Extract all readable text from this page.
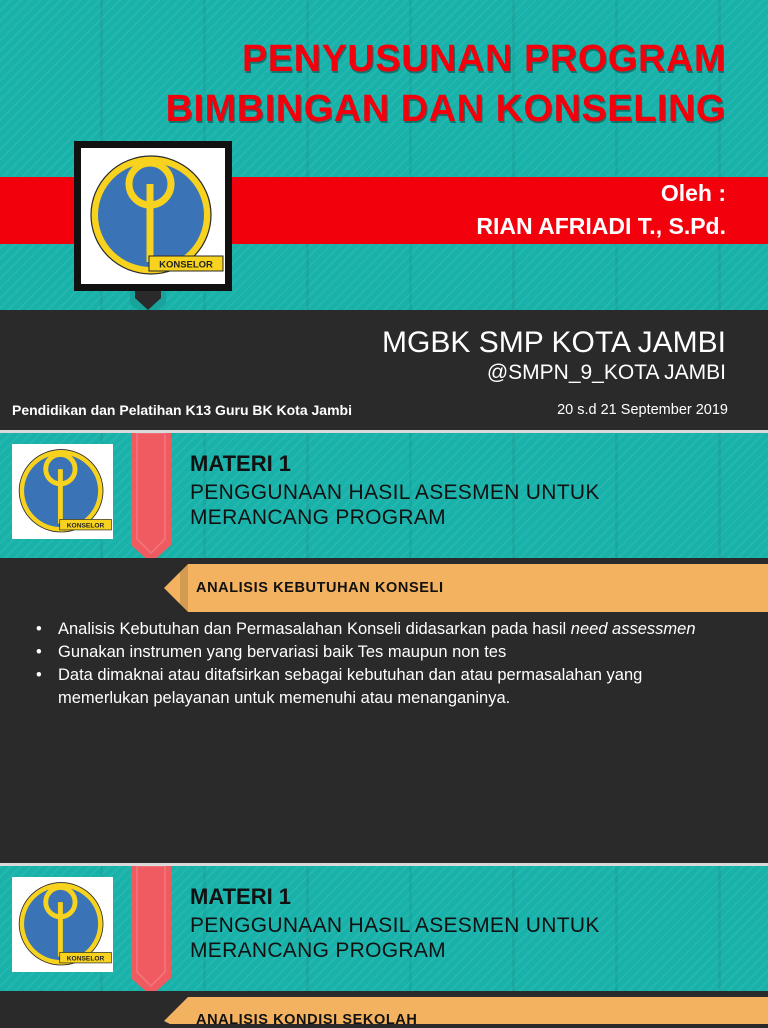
KONSELOR
PENYUSUNAN PROGRAM
BIMBINGAN DAN KONSELING
Oleh :
RIAN AFRIADI T., S.Pd.
MGBK SMP KOTA JAMBI
@SMPN_9_KOTA JAMBI
Pendidikan dan Pelatihan K13 Guru BK Kota Jambi	20 s.d 21 September 2019
KONSELOR
MATERI 1
PENGGUNAAN HASIL ASESMEN UNTUK
MERANCANG PROGRAM
ANALISIS KEBUTUHAN KONSELI
• Analisis Kebutuhan dan Permasalahan Konseli didasarkan pada hasil need assessmen
• Gunakan instrumen yang bervariasi baik Tes maupun non tes
• Data dimaknai atau ditafsirkan sebagai kebutuhan dan atau permasalahan yang memerlukan pelayanan untuk memenuhi atau menanganinya.
KONSELOR
MATERI 1
PENGGUNAAN HASIL ASESMEN UNTUK
MERANCANG PROGRAM
ANALISIS KONDISI SEKOLAH
